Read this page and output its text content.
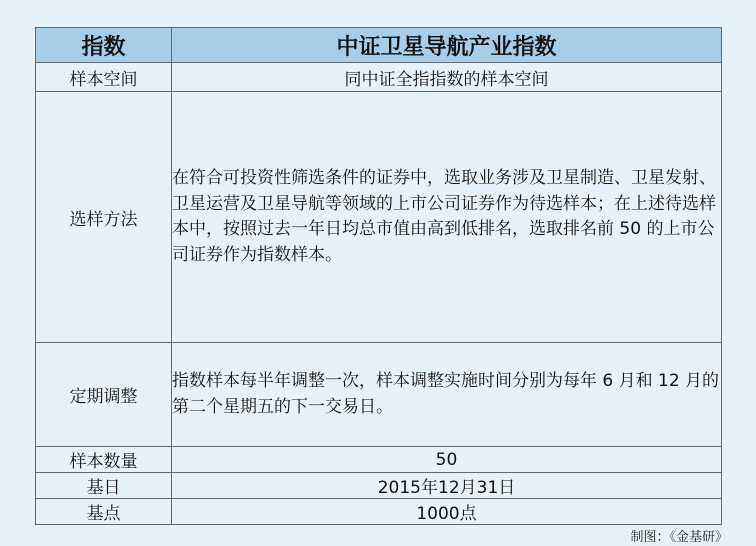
指数	中证卫星导航产业指数
样本空间	同中证全指指数的样本空间
选样方法	在符合可投资性筛选条件的证券中，选取业务涉及卫星制造、卫星发射、卫星运营及卫星导航等领域的上市公司证券作为待选样本；在上述待选样本中，按照过去一年日均总市值由高到低排名，选取排名前 50 的上市公司证券作为指数样本。
定期调整	指数样本每半年调整一次，样本调整实施时间分别为每年 6 月和 12 月的第二个星期五的下一交易日。
样本数量	50
基日	2015年12月31日
基点	1000点
制图：《金基研》
